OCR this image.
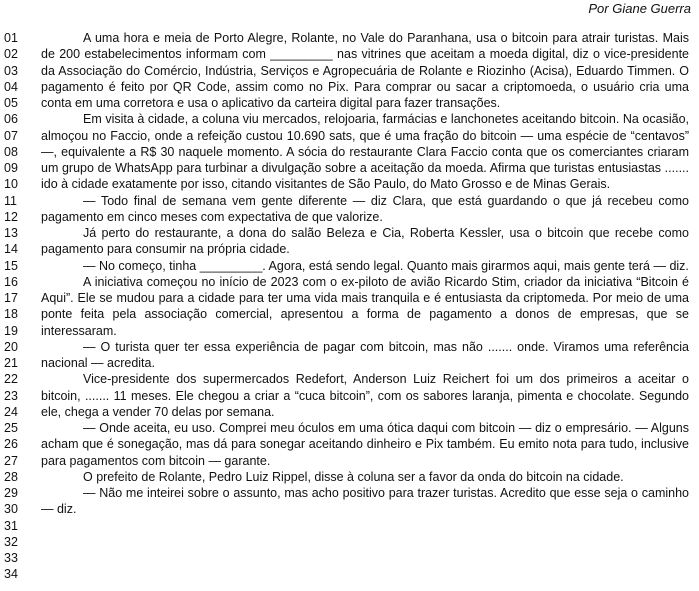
Por Giane Guerra
01
02
03
04
05
06
07
08
09
10
11
12
13
14
15
16
17
18
19
20
21
22
23
24
25
26
27
28
29
30
31
32
33
34

A uma hora e meia de Porto Alegre, Rolante, no Vale do Paranhana, usa o bitcoin para atrair turistas. Mais de 200 estabelecimentos informam com _________ nas vitrines que aceitam a moeda digital, diz o vice-presidente da Associação do Comércio, Indústria, Serviços e Agropecuária de Rolante e Riozinho (Acisa), Eduardo Timmen. O pagamento é feito por QR Code, assim como no Pix. Para comprar ou sacar a criptomoeda, o usuário cria uma conta em uma corretora e usa o aplicativo da carteira digital para fazer transações.

Em visita à cidade, a coluna viu mercados, relojoaria, farmácias e lanchonetes aceitando bitcoin. Na ocasião, almoçou no Faccio, onde a refeição custou 10.690 sats, que é uma fração do bitcoin — uma espécie de “centavos” —, equivalente a R$ 30 naquele momento. A sócia do restaurante Clara Faccio conta que os comerciantes criaram um grupo de WhatsApp para turbinar a divulgação sobre a aceitação da moeda. Afirma que turistas entusiastas ....... ido à cidade exatamente por isso, citando visitantes de São Paulo, do Mato Grosso e de Minas Gerais.

— Todo final de semana vem gente diferente — diz Clara, que está guardando o que já recebeu como pagamento em cinco meses com expectativa de que valorize.

Já perto do restaurante, a dona do salão Beleza e Cia, Roberta Kessler, usa o bitcoin que recebe como pagamento para consumir na própria cidade.

— No começo, tinha _________. Agora, está sendo legal. Quanto mais girarmos aqui, mais gente terá — diz.

A iniciativa começou no início de 2023 com o ex-piloto de avião Ricardo Stim, criador da iniciativa “Bitcoin é Aqui”. Ele se mudou para a cidade para ter uma vida mais tranquila e é entusiasta da criptomeda. Por meio de uma ponte feita pela associação comercial, apresentou a forma de pagamento a donos de empresas, que se interessaram.

— O turista quer ter essa experiência de pagar com bitcoin, mas não ....... onde. Viramos uma referência nacional — acredita.

Vice-presidente dos supermercados Redefort, Anderson Luiz Reichert foi um dos primeiros a aceitar o bitcoin, ....... 11 meses. Ele chegou a criar a “cuca bitcoin”, com os sabores laranja, pimenta e chocolate. Segundo ele, chega a vender 70 delas por semana.

— Onde aceita, eu uso. Comprei meu óculos em uma ótica daqui com bitcoin — diz o empresário. — Alguns acham que é sonegação, mas dá para sonegar aceitando dinheiro e Pix também. Eu emito nota para tudo, inclusive para pagamentos com bitcoin — garante.

O prefeito de Rolante, Pedro Luiz Rippel, disse à coluna ser a favor da onda do bitcoin na cidade.

— Não me inteirei sobre o assunto, mas acho positivo para trazer turistas. Acredito que esse seja o caminho — diz.
